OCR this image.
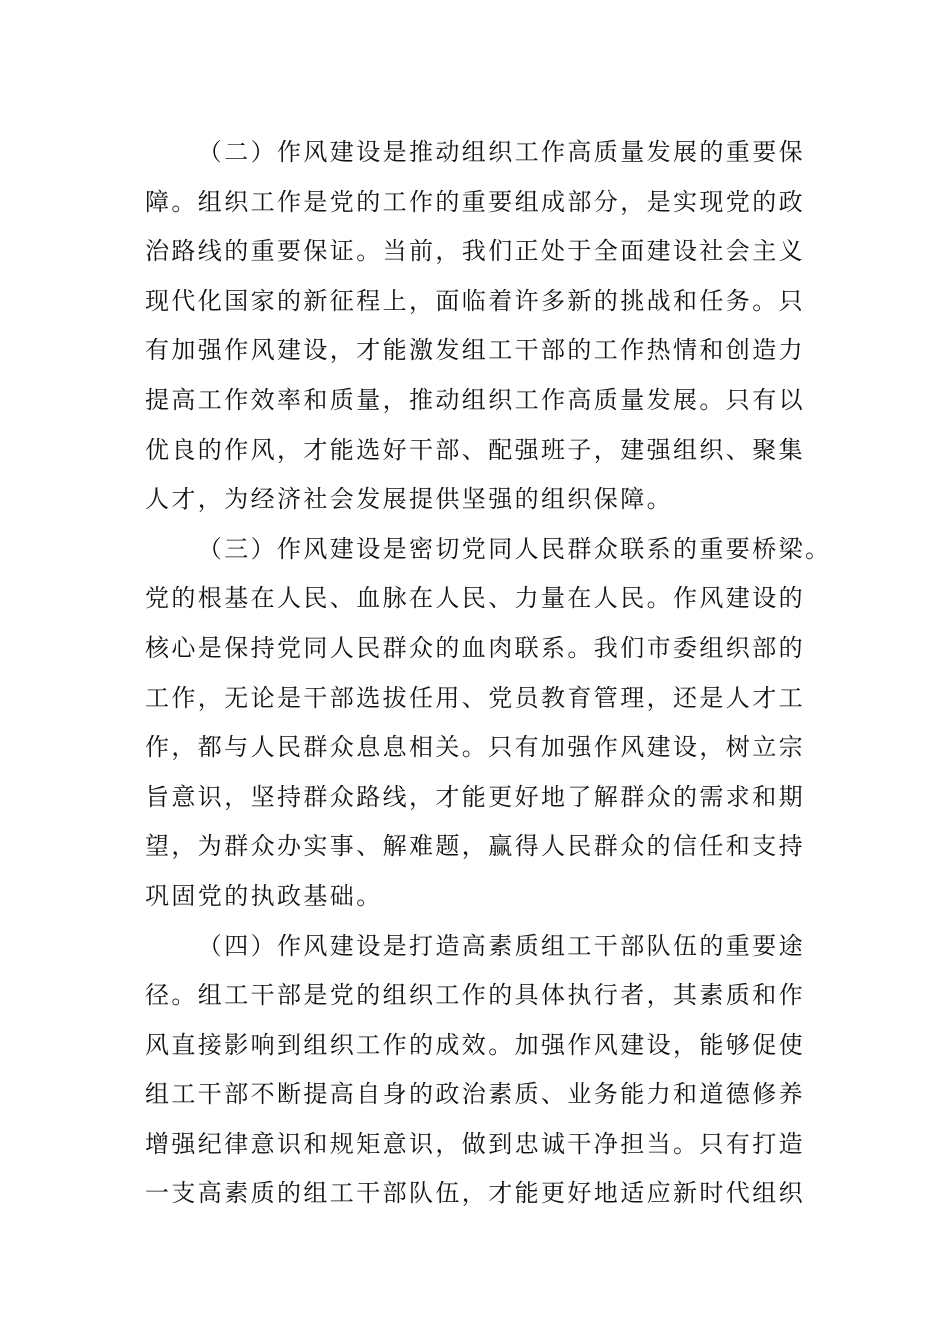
（二）作风建设是推动组织工作高质量发展的重要保
障。组织工作是党的工作的重要组成部分，是实现党的政
治路线的重要保证。当前，我们正处于全面建设社会主义
现代化国家的新征程上，面临着许多新的挑战和任务。只
有加强作风建设，才能激发组工干部的工作热情和创造力
提高工作效率和质量，推动组织工作高质量发展。只有以
优良的作风，才能选好干部、配强班子，建强组织、聚集
人才，为经济社会发展提供坚强的组织保障。
（三）作风建设是密切党同人民群众联系的重要桥梁。
党的根基在人民、血脉在人民、力量在人民。作风建设的
核心是保持党同人民群众的血肉联系。我们市委组织部的
工作，无论是干部选拔任用、党员教育管理，还是人才工
作，都与人民群众息息相关。只有加强作风建设，树立宗
旨意识，坚持群众路线，才能更好地了解群众的需求和期
望，为群众办实事、解难题，赢得人民群众的信任和支持
巩固党的执政基础。
（四）作风建设是打造高素质组工干部队伍的重要途
径。组工干部是党的组织工作的具体执行者，其素质和作
风直接影响到组织工作的成效。加强作风建设，能够促使
组工干部不断提高自身的政治素质、业务能力和道德修养
增强纪律意识和规矩意识，做到忠诚干净担当。只有打造
一支高素质的组工干部队伍，才能更好地适应新时代组织
